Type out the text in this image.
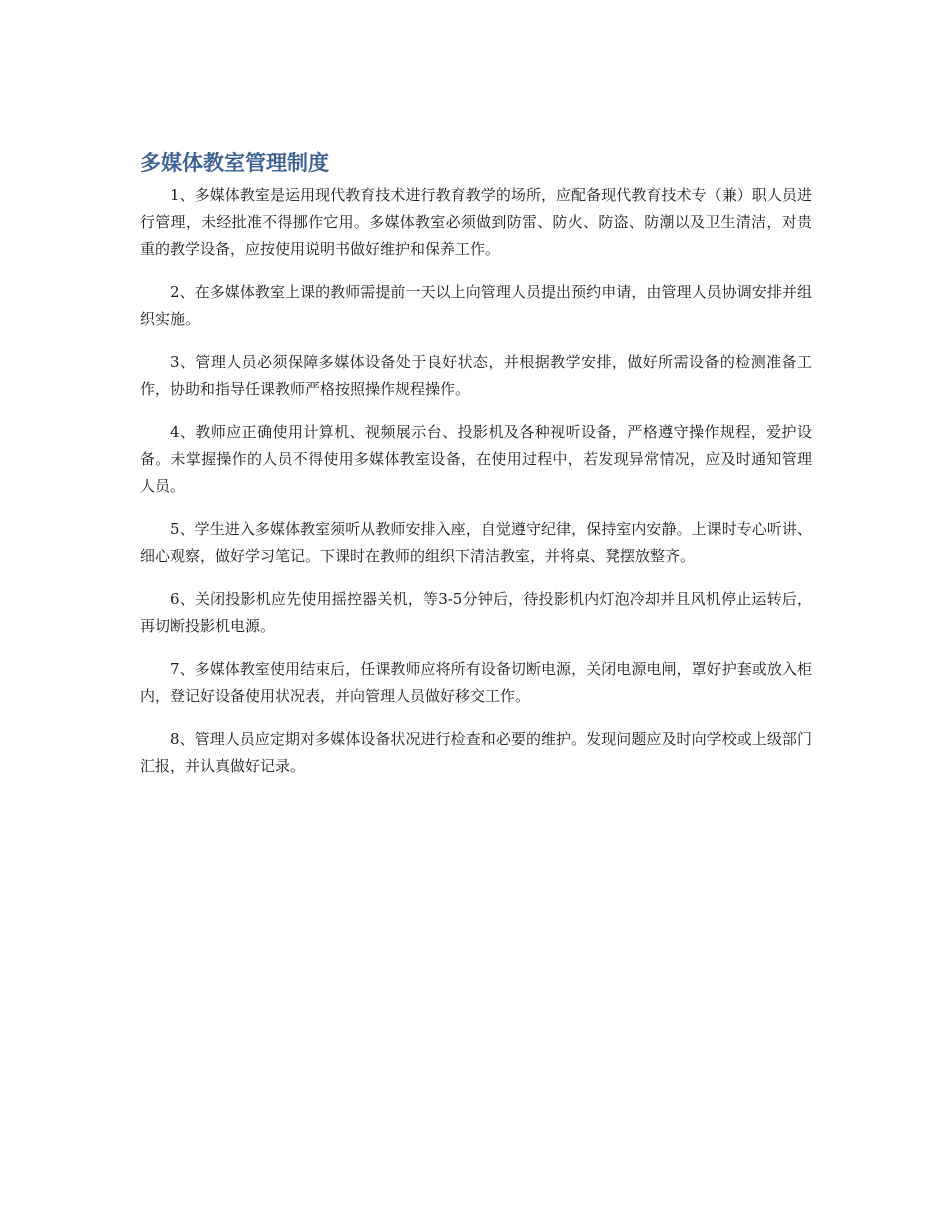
多媒体教室管理制度

1、多媒体教室是运用现代教育技术进行教育教学的场所，应配备现代教育技术专（兼）职人员进行管理，未经批准不得挪作它用。多媒体教室必须做到防雷、防火、防盗、防潮以及卫生清洁，对贵重的教学设备，应按使用说明书做好维护和保养工作。

2、在多媒体教室上课的教师需提前一天以上向管理人员提出预约申请，由管理人员协调安排并组织实施。

3、管理人员必须保障多媒体设备处于良好状态，并根据教学安排，做好所需设备的检测准备工作，协助和指导任课教师严格按照操作规程操作。

4、教师应正确使用计算机、视频展示台、投影机及各种视听设备，严格遵守操作规程，爱护设备。未掌握操作的人员不得使用多媒体教室设备，在使用过程中，若发现异常情况，应及时通知管理人员。

5、学生进入多媒体教室须听从教师安排入座，自觉遵守纪律，保持室内安静。上课时专心听讲、细心观察，做好学习笔记。下课时在教师的组织下清洁教室，并将桌、凳摆放整齐。

6、关闭投影机应先使用摇控器关机，等3-5分钟后，待投影机内灯泡冷却并且风机停止运转后，再切断投影机电源。

7、多媒体教室使用结束后，任课教师应将所有设备切断电源，关闭电源电闸，罩好护套或放入柜内，登记好设备使用状况表，并向管理人员做好移交工作。

8、管理人员应定期对多媒体设备状况进行检查和必要的维护。发现问题应及时向学校或上级部门汇报，并认真做好记录。
